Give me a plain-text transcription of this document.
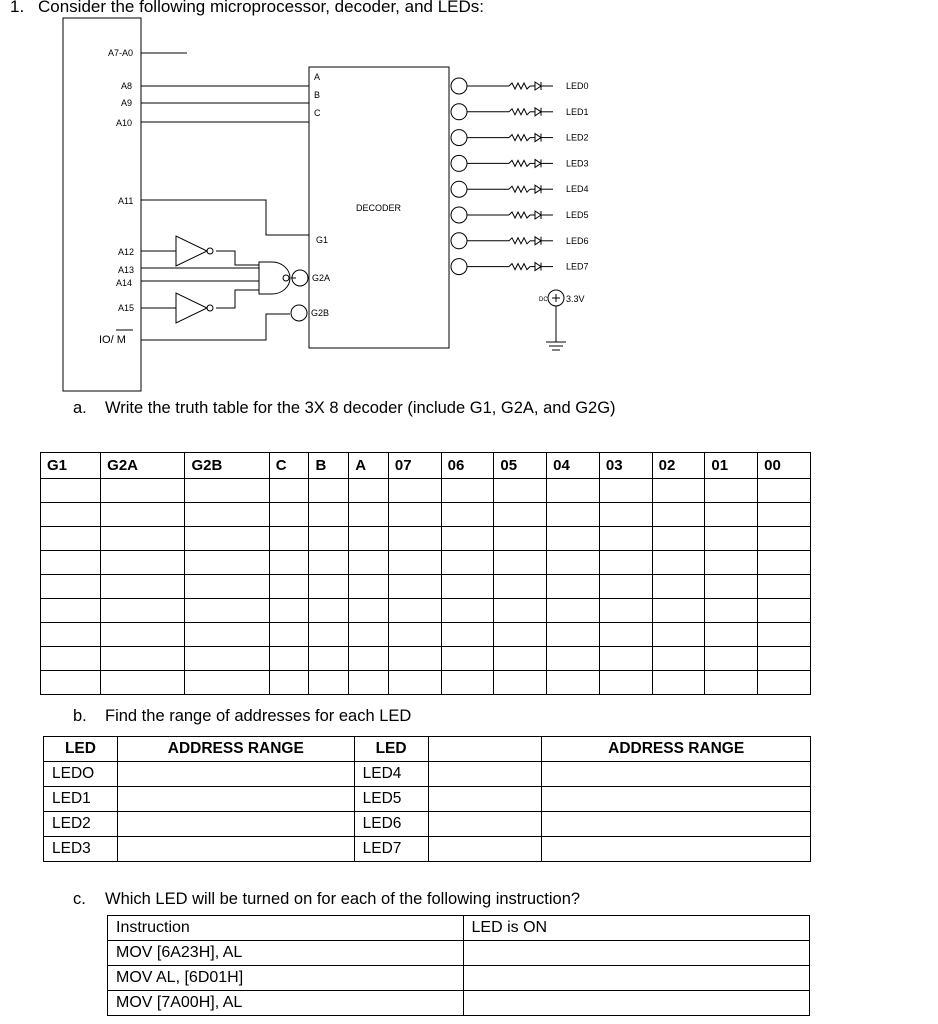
1. Consider the following microprocessor, decoder, and LEDs:
A7-A0
A8
A9
A10
A11
A12
A13
A14
A15
IO/ M
A
B
C
DECODER
G1
G2A
G2B
LED0
LED1
LED2
LED3
LED4
LED5
LED6
LED7
DC 3.3V
a. Write the truth table for the 3X 8 decoder (include G1, G2A, and G2G)
G1	G2A	G2B	C	B	A	07	06	05	04	03	02	01	00

b. Find the range of addresses for each LED
LED	ADDRESS RANGE	LED		ADDRESS RANGE
LEDO		LED4		
LED1		LED5		
LED2		LED6		
LED3		LED7		
c. Which LED will be turned on for each of the following instruction?
Instruction	LED is ON
MOV [6A23H], AL	
MOV AL, [6D01H]	
MOV [7A00H], AL	
